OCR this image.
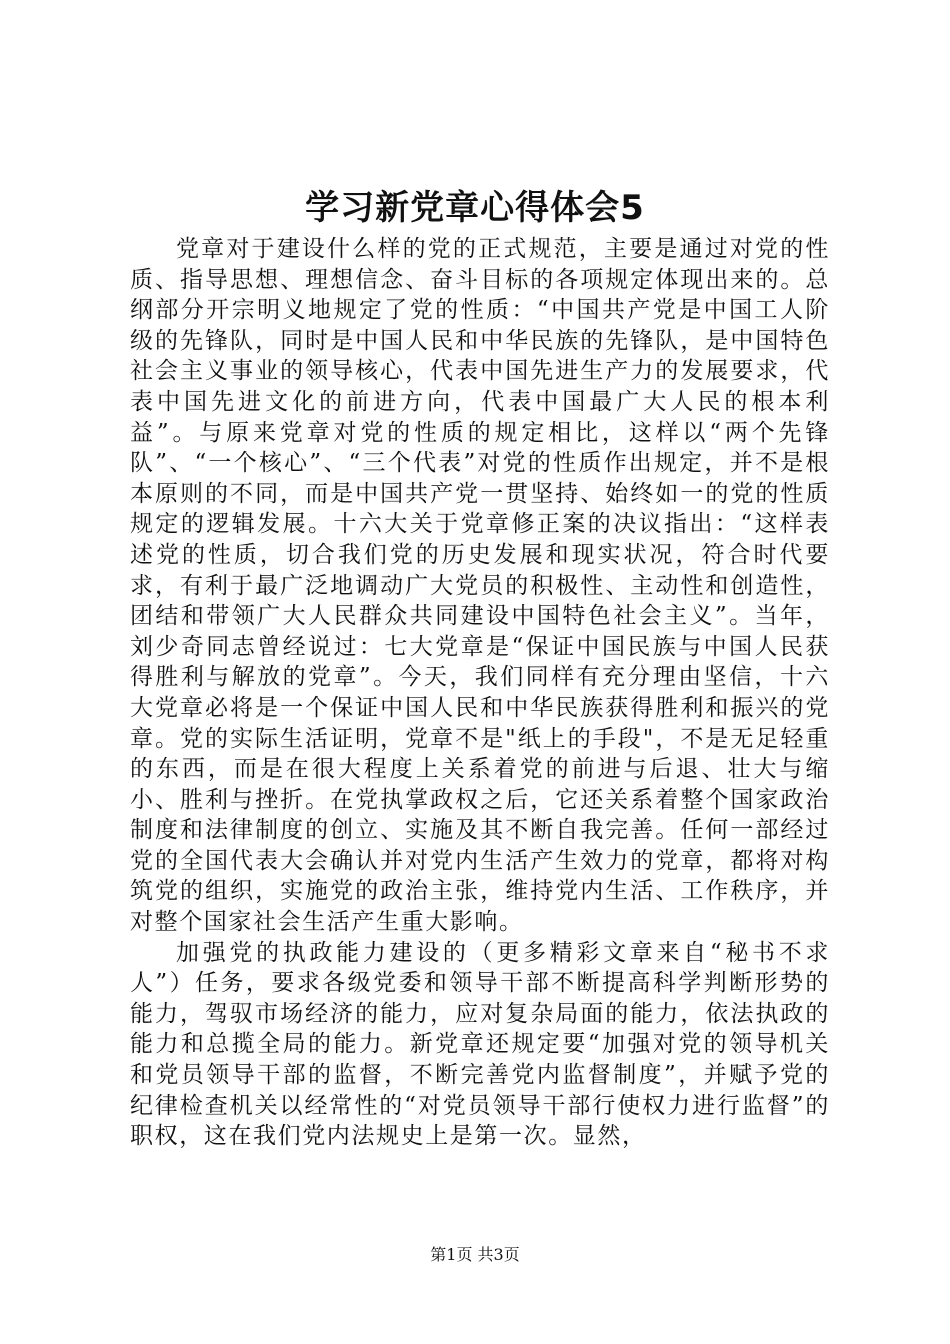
学习新党章心得体会5

党章对于建设什么样的党的正式规范，主要是通过对党的性质、指导思想、理想信念、奋斗目标的各项规定体现出来的。总纲部分开宗明义地规定了党的性质：“中国共产党是中国工人阶级的先锋队，同时是中国人民和中华民族的先锋队，是中国特色社会主义事业的领导核心，代表中国先进生产力的发展要求，代表中国先进文化的前进方向，代表中国最广大人民的根本利益”。与原来党章对党的性质的规定相比，这样以“两个先锋队”、“一个核心”、“三个代表”对党的性质作出规定，并不是根本原则的不同，而是中国共产党一贯坚持、始终如一的党的性质规定的逻辑发展。十六大关于党章修正案的决议指出：“这样表述党的性质，切合我们党的历史发展和现实状况，符合时代要求，有利于最广泛地调动广大党员的积极性、主动性和创造性，团结和带领广大人民群众共同建设中国特色社会主义”。当年，刘少奇同志曾经说过：七大党章是“保证中国民族与中国人民获得胜利与解放的党章”。今天，我们同样有充分理由坚信，十六大党章必将是一个保证中国人民和中华民族获得胜利和振兴的党章。党的实际生活证明，党章不是"纸上的手段"，不是无足轻重的东西，而是在很大程度上关系着党的前进与后退、壮大与缩小、胜利与挫折。在党执掌政权之后，它还关系着整个国家政治制度和法律制度的创立、实施及其不断自我完善。任何一部经过党的全国代表大会确认并对党内生活产生效力的党章，都将对构筑党的组织，实施党的政治主张，维持党内生活、工作秩序，并对整个国家社会生活产生重大影响。

加强党的执政能力建设的（更多精彩文章来自“秘书不求人”）任务，要求各级党委和领导干部不断提高科学判断形势的能力，驾驭市场经济的能力，应对复杂局面的能力，依法执政的能力和总揽全局的能力。新党章还规定要“加强对党的领导机关和党员领导干部的监督，不断完善党内监督制度”，并赋予党的纪律检查机关以经常性的“对党员领导干部行使权力进行监督”的职权，这在我们党内法规史上是第一次。显然，

第1页 共3页
